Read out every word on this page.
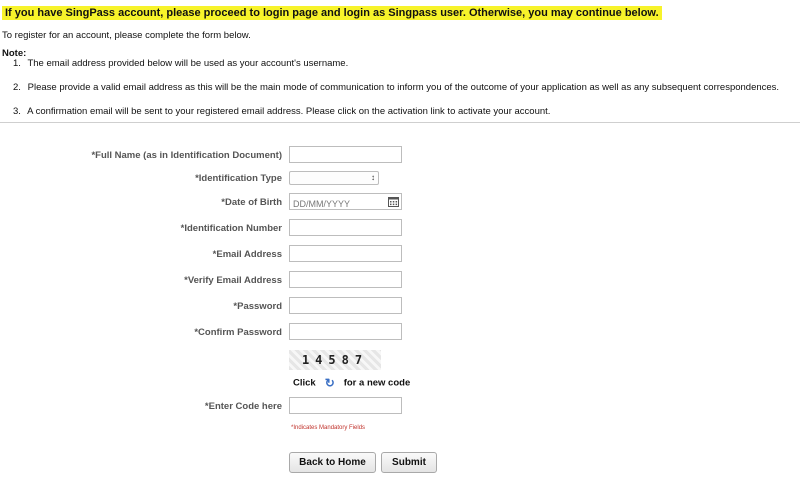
If you have SingPass account, please proceed to login page and login as Singpass user. Otherwise, you may continue below.
To register for an account, please complete the form below.
Note:
1. The email address provided below will be used as your account's username.
2. Please provide a valid email address as this will be the main mode of communication to inform you of the outcome of your application as well as any subsequent correspondences.
3. A confirmation email will be sent to your registered email address. Please click on the activation link to activate your account.
*Full Name (as in Identification Document)
*Identification Type	↕
*Date of Birth
DD/MM/YYYY
*Identification Number
*Email Address
*Verify Email Address
*Password
*Confirm Password
14587
Click ↻ for a new code
*Enter Code here
*Indicates Mandatory Fields
Back to Home	Submit
